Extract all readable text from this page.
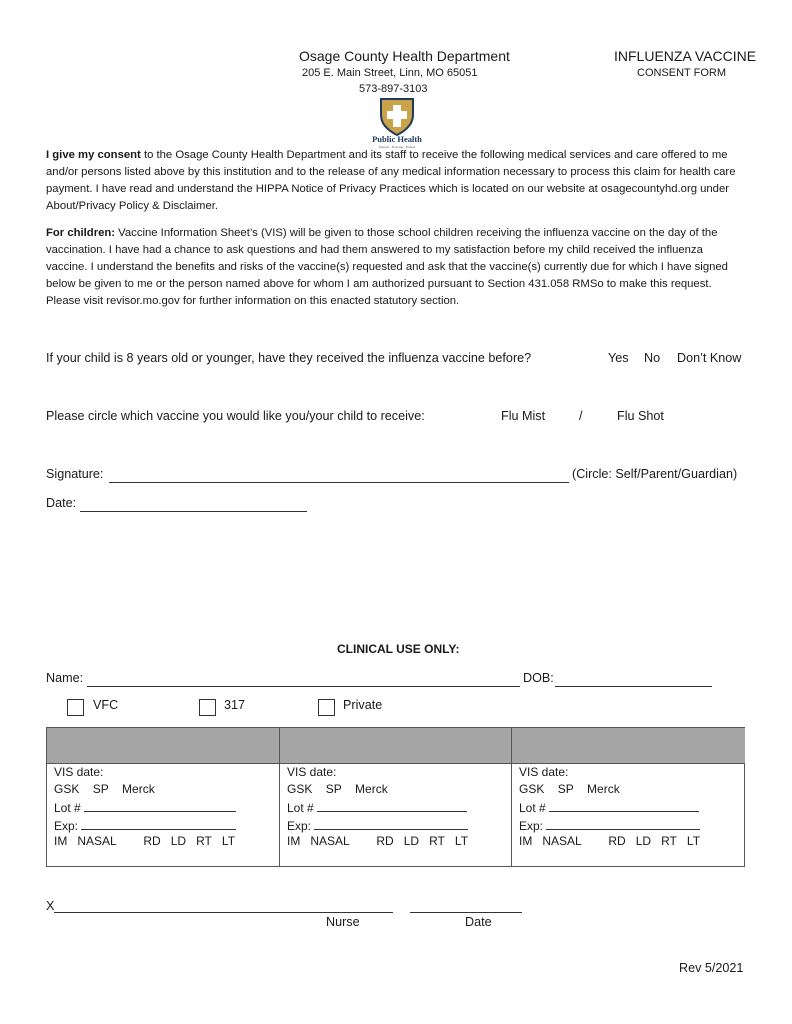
Osage County Health Department
205 E. Main Street, Linn, MO 65051
573-897-3103
INFLUENZA VACCINE
CONSENT FORM
Public Health
Prevent · Promote · Protect
I give my consent to the Osage County Health Department and its staff to receive the following medical services and care offered to me and/or persons listed above by this institution and to the release of any medical information necessary to process this claim for health care payment. I have read and understand the HIPPA Notice of Privacy Practices which is located on our website at osagecountyhd.org under About/Privacy Policy & Disclaimer.
For children: Vaccine Information Sheet’s (VIS) will be given to those school children receiving the influenza vaccine on the day of the vaccination. I have had a chance to ask questions and had them answered to my satisfaction before my child received the influenza vaccine. I understand the benefits and risks of the vaccine(s) requested and ask that the vaccine(s) currently due for which I have signed below be given to me or the person named above for whom I am authorized pursuant to Section 431.058 RMSo to make this request. Please visit revisor.mo.gov for further information on this enacted statutory section.
If your child is 8 years old or younger, have they received the influenza vaccine before?	Yes No Don’t Know
Please circle which vaccine you would like you/your child to receive:	Flu Mist	/	Flu Shot
Signature:	(Circle: Self/Parent/Guardian)
Date:
CLINICAL USE ONLY:
Name:	DOB:
VFC	317	Private
VIS date:
GSK SP Merck
Lot #
Exp:
IM NASAL RD LD RT LT
VIS date:
GSK SP Merck
Lot #
Exp:
IM NASAL RD LD RT LT
VIS date:
GSK SP Merck
Lot #
Exp:
IM NASAL RD LD RT LT
X
Nurse	Date
Rev 5/2021
